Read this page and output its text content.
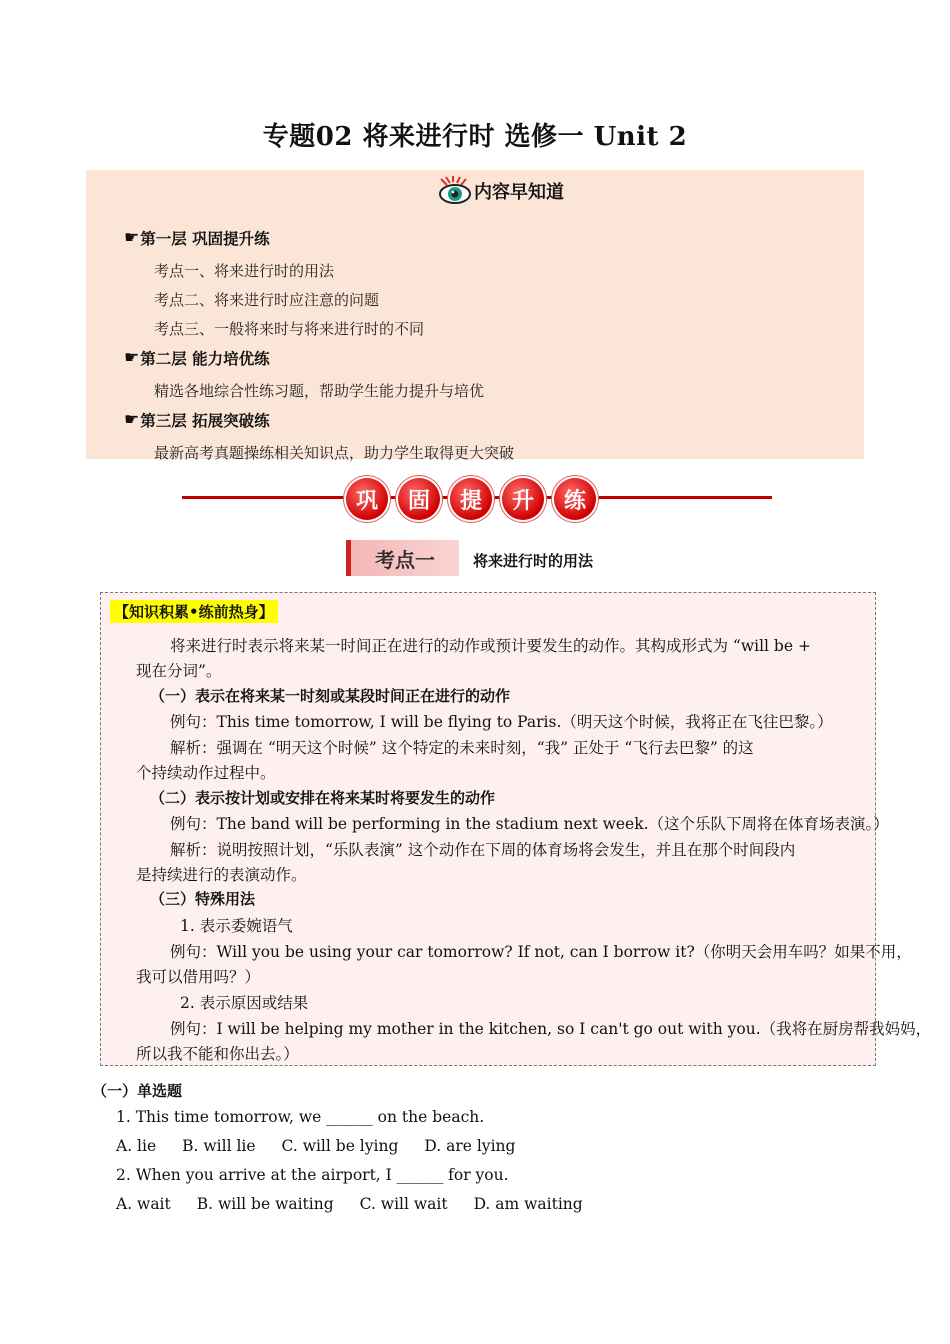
专题02 将来进行时 选修一 Unit 2
内容早知道
☛ 第一层 巩固提升练
考点一、将来进行时的用法
考点二、将来进行时应注意的问题
考点三、一般将来时与将来进行时的不同
☛ 第二层 能力培优练
精选各地综合性练习题，帮助学生能力提升与培优
☛ 第三层 拓展突破练
最新高考真题操练相关知识点，助力学生取得更大突破
巩	固	提	升	练
考点一	将来进行时的用法
【知识积累•练前热身】
将来进行时表示将来某一时间正在进行的动作或预计要发生的动作。其构成形式为 “will be +
现在分词”。
（一）表示在将来某一时刻或某段时间正在进行的动作
例句：This time tomorrow, I will be flying to Paris.（明天这个时候，我将正在飞往巴黎。）
解析：强调在 “明天这个时候” 这个特定的未来时刻，“我” 正处于 “飞行去巴黎” 的这
个持续动作过程中。
（二）表示按计划或安排在将来某时将要发生的动作
例句：The band will be performing in the stadium next week.（这个乐队下周将在体育场表演。）
解析：说明按照计划，“乐队表演” 这个动作在下周的体育场将会发生，并且在那个时间段内
是持续进行的表演动作。
（三）特殊用法
1. 表示委婉语气
例句：Will you be using your car tomorrow? If not, can I borrow it?（你明天会用车吗？如果不用，
我可以借用吗？）
2. 表示原因或结果
例句：I will be helping my mother in the kitchen, so I can't go out with you.（我将在厨房帮我妈妈，
所以我不能和你出去。）
（一）单选题
1. This time tomorrow, we ______ on the beach.
A. lie B. will lie C. will be lying D. are lying
2. When you arrive at the airport, I ______ for you.
A. wait B. will be waiting C. will wait D. am waiting
